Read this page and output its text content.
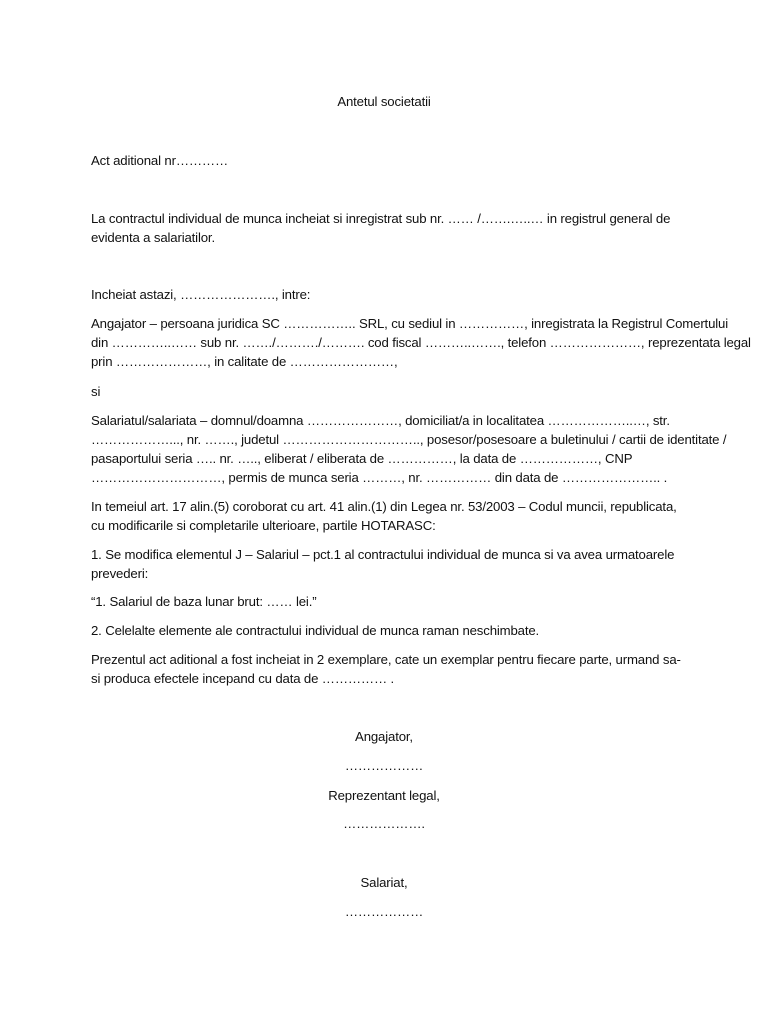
Antetul societatii
Act aditional nr…………
La contractul individual de munca incheiat si inregistrat sub nr. …… /…….…..… in registrul general de
evidenta a salariatilor.
Incheiat astazi, …………………., intre:
Angajator – persoana juridica SC …………….. SRL, cu sediul in ……………, inregistrata la Registrul Comertului
din …………..…… sub nr. ……./………./………. cod fiscal ………..……., telefon …………………, reprezentata legal
prin …………………, in calitate de ……………………,
si
Salariatul/salariata – domnul/doamna …………………, domiciliat/a in localitatea ………………..…, str.
………………..., nr. ……., judetul ………………………….., posesor/posesoare a buletinului / cartii de identitate /
pasaportului seria ….. nr. ….., eliberat / eliberata de ……………, la data de ………………, CNP
…………………………, permis de munca seria ………, nr. …………… din data de ………………….. .
In temeiul art. 17 alin.(5) coroborat cu art. 41 alin.(1) din Legea nr. 53/2003 – Codul muncii, republicata,
cu modificarile si completarile ulterioare, partile HOTARASC:
1. Se modifica elementul J – Salariul – pct.1 al contractului individual de munca si va avea urmatoarele
prevederi:
“1. Salariul de baza lunar brut: …… lei.”
2. Celelalte elemente ale contractului individual de munca raman neschimbate.
Prezentul act aditional a fost incheiat in 2 exemplare, cate un exemplar pentru fiecare parte, urmand sa-
si produca efectele incepand cu data de …………… .
Angajator,
………………
Reprezentant legal,
……………….
Salariat,
………………
